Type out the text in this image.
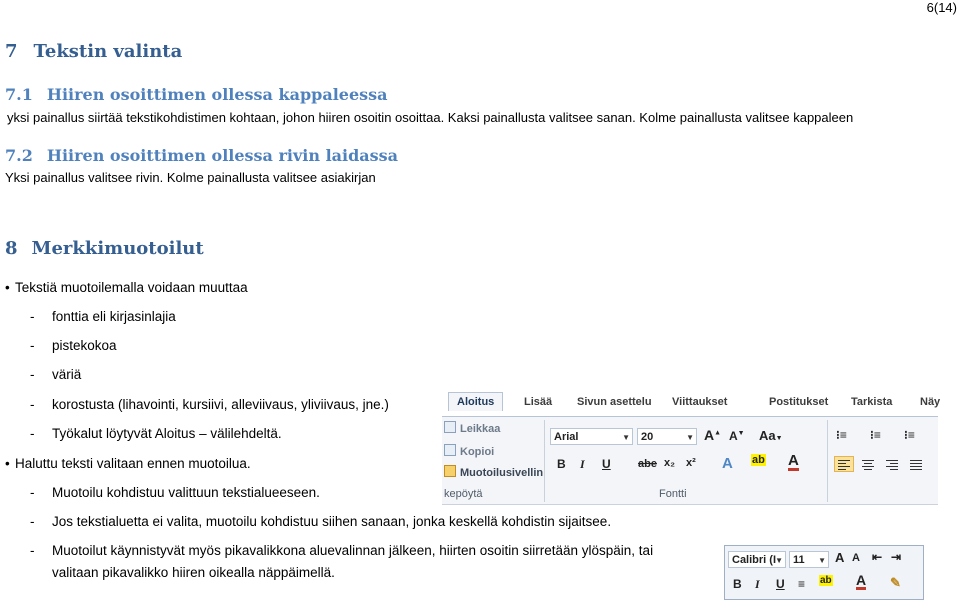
6(14)
7 Tekstin valinta
7.1 Hiiren osoittimen ollessa kappaleessa
yksi painallus siirtää tekstikohdistimen kohtaan, johon hiiren osoitin osoittaa. Kaksi painallusta valitsee sanan. Kolme painallusta valitsee kappaleen
7.2 Hiiren osoittimen ollessa rivin laidassa
Yksi painallus valitsee rivin. Kolme painallusta valitsee asiakirjan
8 Merkkimuotoilut
• Tekstiä muotoilemalla voidaan muuttaa
- fonttia eli kirjasinlajia
- pistekokoa
- väriä
- korostusta (lihavointi, kursiivi, alleviivaus, yliviivaus, jne.)
- Työkalut löytyvät Aloitus – välilehdeltä.
• Haluttu teksti valitaan ennen muotoilua.
- Muotoilu kohdistuu valittuun tekstialueeseen.
- Jos tekstialuetta ei valita, muotoilu kohdistuu siihen sanaan, jonka keskellä kohdistin sijaitsee.
- Muotoilut käynnistyvät myös pikavalikkona aluevalinnan jälkeen, hiirten osoitin siirretään ylöspäin, tai
valitaan pikavalikko hiiren oikealla näppäimellä.
Aloitus	Lisää Sivun asettelu Viittaukset	Postitukset Tarkista	Näy
Leikkaa
Kopioi
Muotoilusivellin
kepöytä
Arial	▼	20	▼ A▲ A▼ Aa▼
B I U abe x₂ x² A ab A
Fontti
⁝≡ ⁝≡ ⁝≡
Calibri (I ▼ 11 ▼ A A ⇤ ⇥
B I U ≡ ab A ✎
